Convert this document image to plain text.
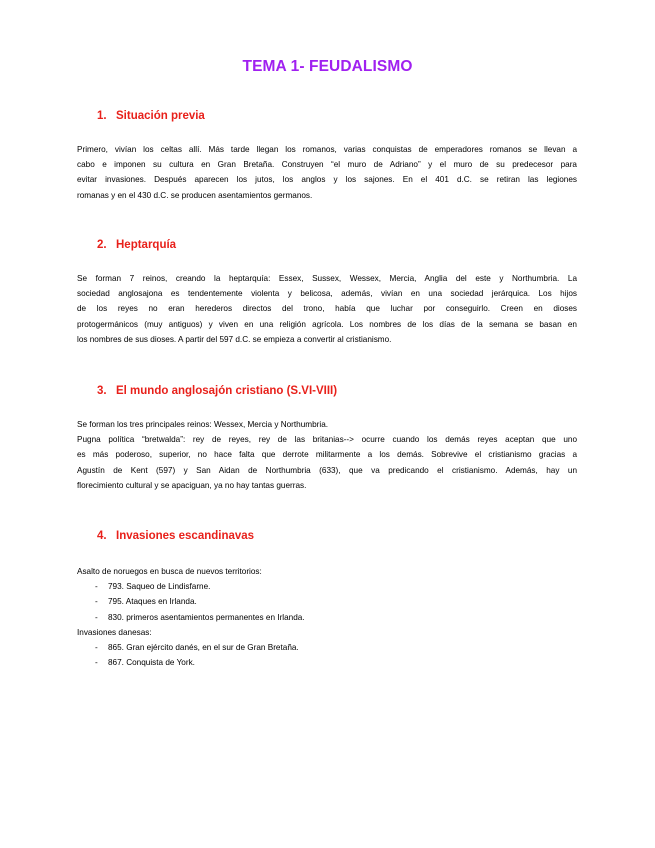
TEMA 1- FEUDALISMO
1. Situación previa
Primero, vivían los celtas allí. Más tarde llegan los romanos, varias conquistas de emperadores romanos se llevan a
cabo e imponen su cultura en Gran Bretaña. Construyen “el muro de Adriano” y el muro de su predecesor para
evitar invasiones. Después aparecen los jutos, los anglos y los sajones. En el 401 d.C. se retiran las legiones
romanas y en el 430 d.C. se producen asentamientos germanos.
2. Heptarquía
Se forman 7 reinos, creando la heptarquía: Essex, Sussex, Wessex, Mercia, Anglia del este y Northumbria. La
sociedad anglosajona es tendentemente violenta y belicosa, además, vivían en una sociedad jerárquica. Los hijos
de los reyes no eran herederos directos del trono, había que luchar por conseguirlo. Creen en dioses
protogermánicos (muy antiguos) y viven en una religión agrícola. Los nombres de los días de la semana se basan en
los nombres de sus dioses. A partir del 597 d.C. se empieza a convertir al cristianismo.
3. El mundo anglosajón cristiano (S.VI-VIII)
Se forman los tres principales reinos: Wessex, Mercia y Northumbria.
Pugna política “bretwalda”: rey de reyes, rey de las britanias--> ocurre cuando los demás reyes aceptan que uno
es más poderoso, superior, no hace falta que derrote militarmente a los demás. Sobrevive el cristianismo gracias a
Agustín de Kent (597) y San Aidan de Northumbria (633), que va predicando el cristianismo. Además, hay un
florecimiento cultural y se apaciguan, ya no hay tantas guerras.
4. Invasiones escandinavas
Asalto de noruegos en busca de nuevos territorios:
- 793. Saqueo de Lindisfarne.
- 795. Ataques en Irlanda.
- 830. primeros asentamientos permanentes en Irlanda.
Invasiones danesas:
- 865. Gran ejército danés, en el sur de Gran Bretaña.
- 867. Conquista de York.
